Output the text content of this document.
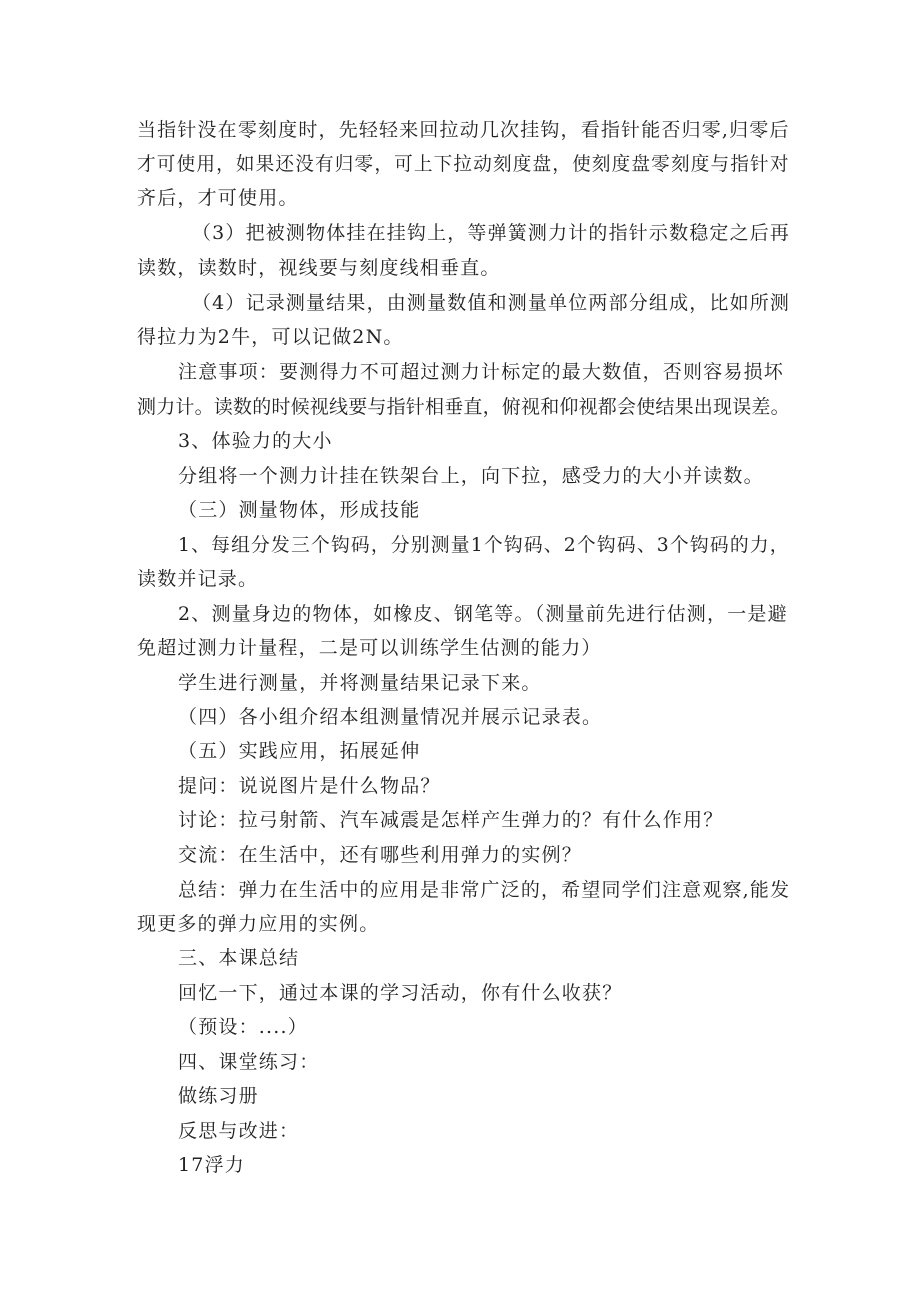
当指针没在零刻度时，先轻轻来回拉动几次挂钩，看指针能否归零,归零后
才可使用，如果还没有归零，可上下拉动刻度盘，使刻度盘零刻度与指针对
齐后，才可使用。
（3）把被测物体挂在挂钩上，等弹簧测力计的指针示数稳定之后再
读数，读数时，视线要与刻度线相垂直。
（4）记录测量结果，由测量数值和测量单位两部分组成，比如所测
得拉力为2牛，可以记做2N。
注意事项：要测得力不可超过测力计标定的最大数值，否则容易损坏
测力计。读数的时候视线要与指针相垂直，俯视和仰视都会使结果出现误差。
3、体验力的大小
分组将一个测力计挂在铁架台上，向下拉，感受力的大小并读数。
（三）测量物体，形成技能
1、每组分发三个钩码，分别测量1个钩码、2个钩码、3个钩码的力，
读数并记录。
2、测量身边的物体，如橡皮、钢笔等。（测量前先进行估测，一是避
免超过测力计量程，二是可以训练学生估测的能力）
学生进行测量，并将测量结果记录下来。
（四）各小组介绍本组测量情况并展示记录表。
（五）实践应用，拓展延伸
提问：说说图片是什么物品？
讨论：拉弓射箭、汽车减震是怎样产生弹力的？有什么作用？
交流：在生活中，还有哪些利用弹力的实例？
总结：弹力在生活中的应用是非常广泛的，希望同学们注意观察,能发
现更多的弹力应用的实例。
三、本课总结
回忆一下，通过本课的学习活动，你有什么收获？
（预设：....）
四、课堂练习：
做练习册
反思与改进：
17浮力
